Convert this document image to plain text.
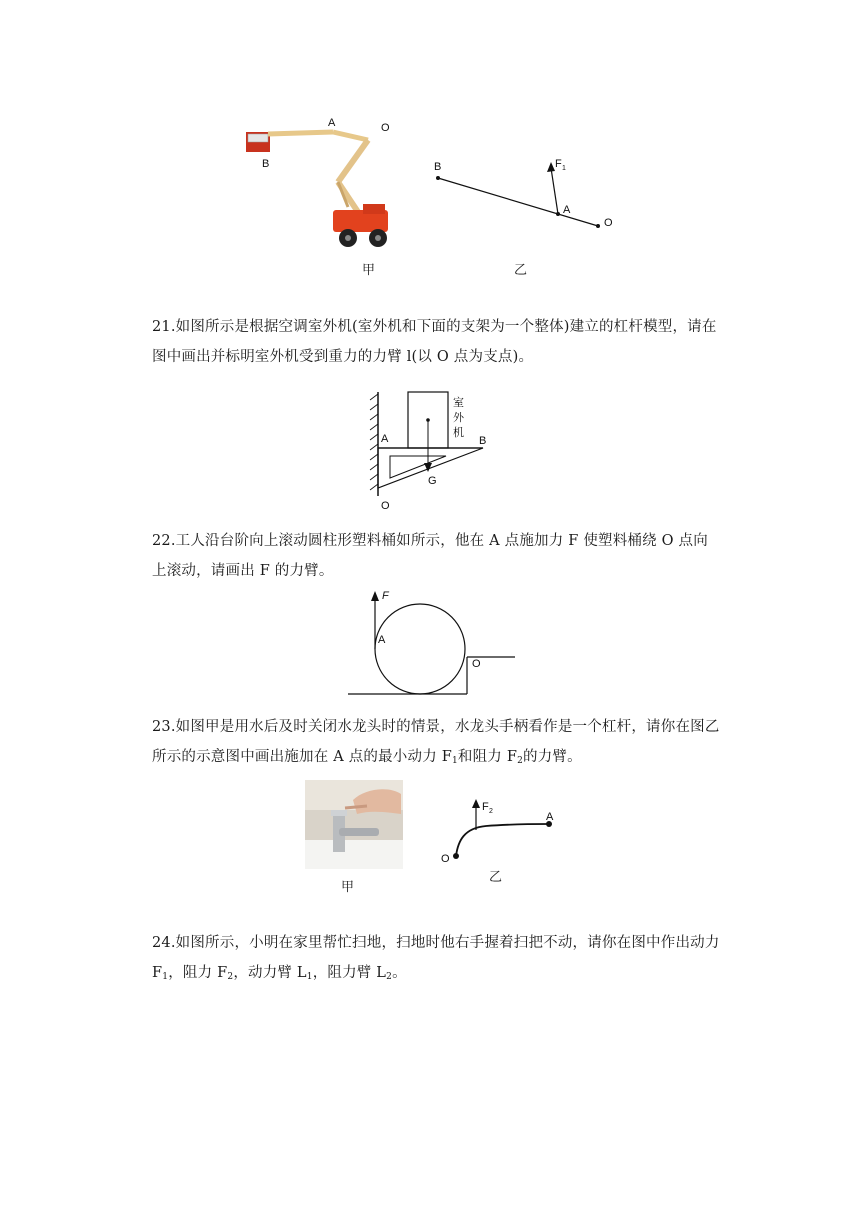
A	O
B	B	F 1
A
O
甲	乙

21.如图所示是根据空调室外机(室外机和下面的支架为一个整体)建立的杠杆模型，请在图中画出并标明室外机受到重力的力臂 l(以 O 点为支点)。

室
外
机
A	B
G
O

22.工人沿台阶向上滚动圆柱形塑料桶如所示，他在 A 点施加力 F 使塑料桶绕 O 点向上滚动，请画出 F 的力臂。

F
A
O

23.如图甲是用水后及时关闭水龙头时的情景，水龙头手柄看作是一个杠杆，请你在图乙所示的示意图中画出施加在 A 点的最小动力 $F_1$和阻力 $F_2$的力臂。

F 2	A
O
甲
乙

24.如图所示，小明在家里帮忙扫地，扫地时他右手握着扫把不动，请你在图中作出动力 $F_1$，阻力 $F_2$，动力臂 $L_1$，阻力臂 $L_2$。
